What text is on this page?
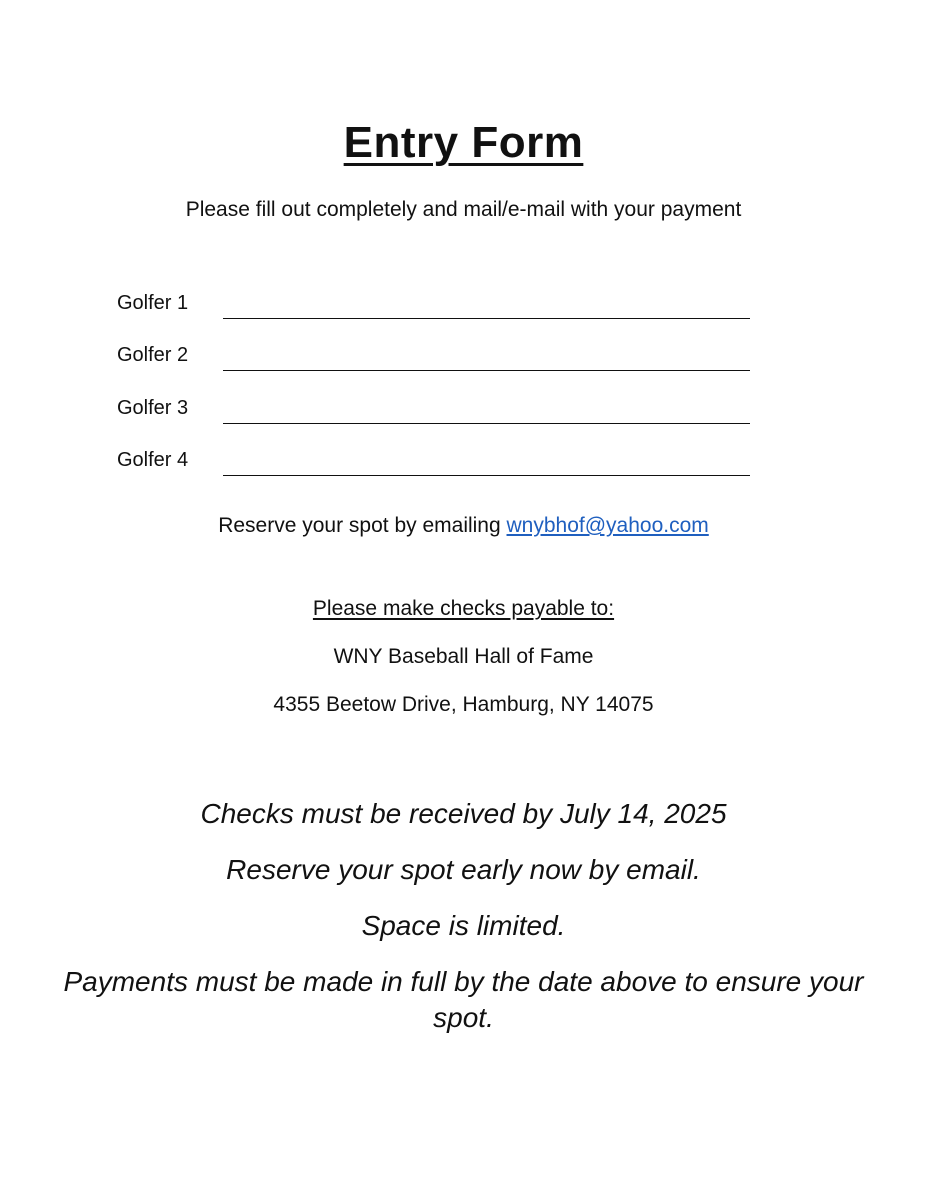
Entry Form
Please fill out completely and mail/e-mail with your payment
Golfer 1
Golfer 2
Golfer 3
Golfer 4
Reserve your spot by emailing wnybhof@yahoo.com
Please make checks payable to:
WNY Baseball Hall of Fame
4355 Beetow Drive, Hamburg, NY 14075
Checks must be received by July 14, 2025
Reserve your spot early now by email.
Space is limited.
Payments must be made in full by the date above to ensure your spot.
